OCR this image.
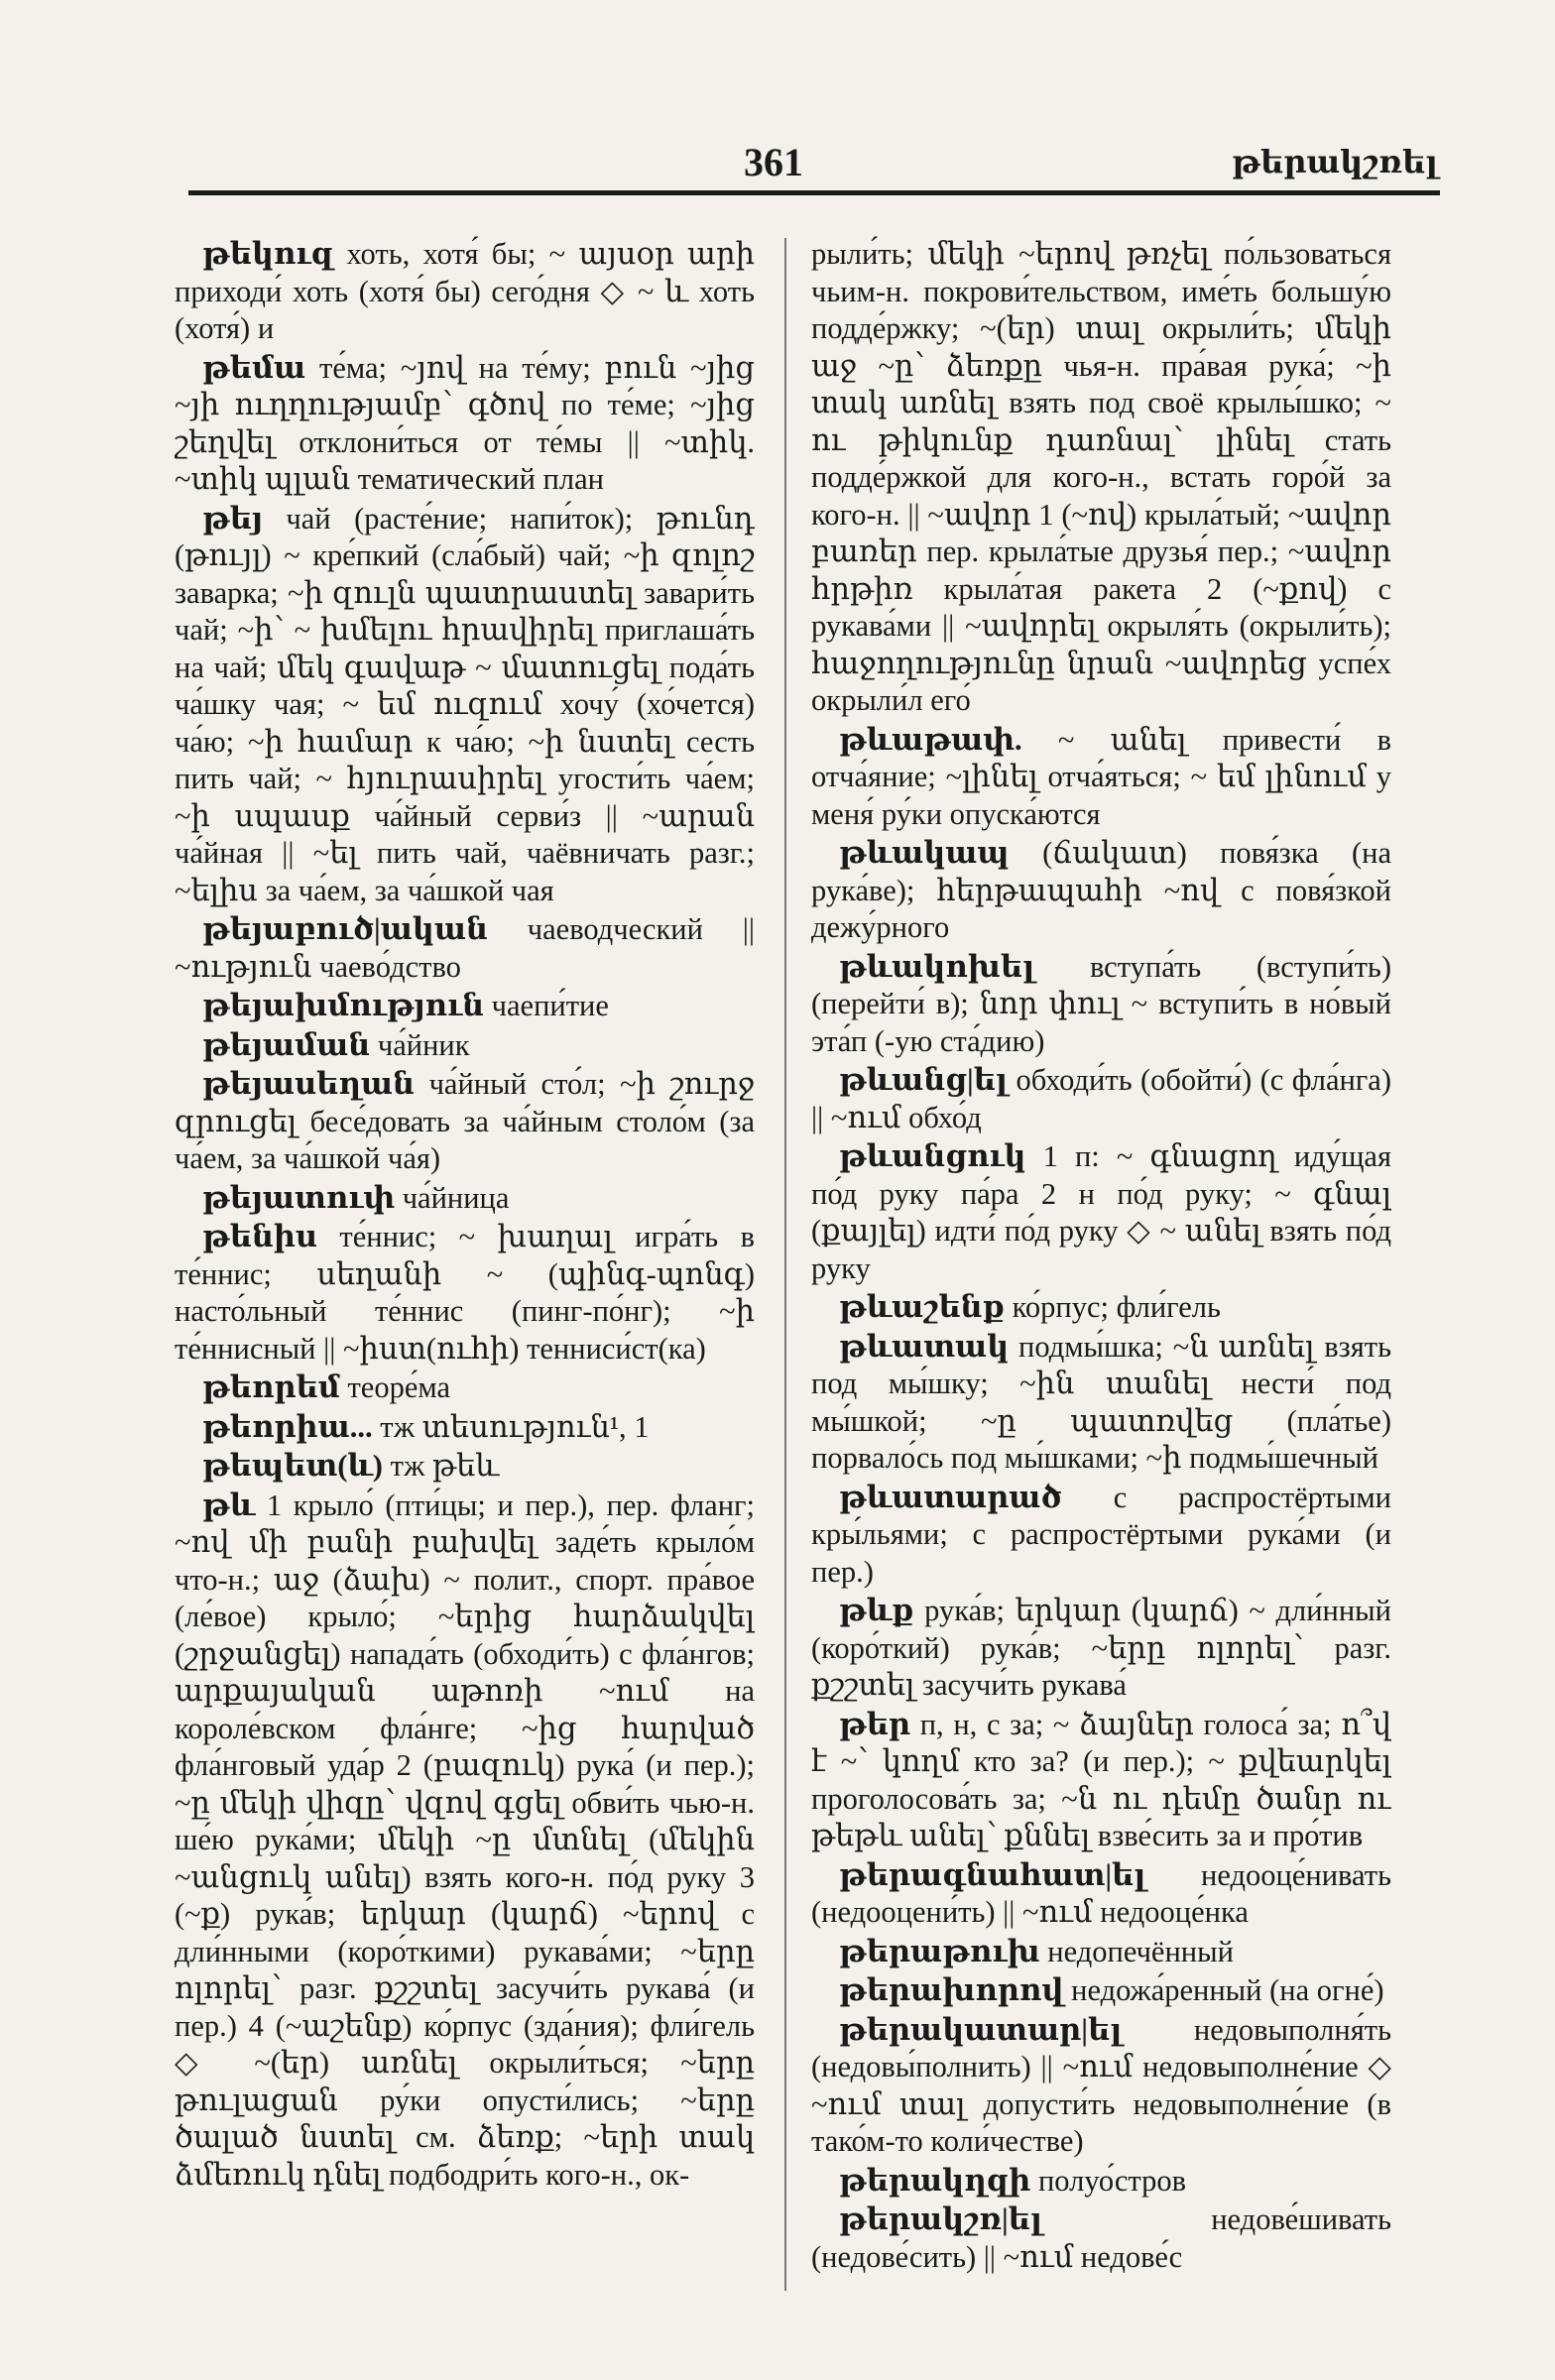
361	թերակշռել

թեկուզ хоть, хотя́ бы; ~ այսօր արի приходи́ хоть (хотя́ бы) сего́дня ◇ ~ և хоть (хотя́) и

թեմա те́ма; ~յով на те́му; բուն ~յից ~յի ուղղությամբ՝ գծով по те́ме; ~յից շեղվել отклони́ться от те́мы || ~տիկ. ~տիկ պլան тематический план

թեյ чай (расте́ние; напи́ток); թունդ (թույլ) ~ кре́пкий (сла́бый) чай; ~ի զոլոշ заварка; ~ի զուլն պատրաստել завари́ть чай; ~ի՝ ~ խմելու հրավիրել приглаша́ть на чай; մեկ գավաթ ~ մատուցել пода́ть ча́шку чая; ~ եմ ուզում хочу́ (хо́чется) ча́ю; ~ի համար к ча́ю; ~ի նստել сесть пить чай; ~ հյուրասիրել угости́ть ча́ем; ~ի սպասք ча́йный серви́з || ~արան ча́йная || ~ել пить чай, чаёвничать разг.; ~ելիս за ча́ем, за ча́шкой чая

թեյաբուծ|ական чаеводческий || ~ություն чаево́дство

թեյախմություն чаепи́тие

թեյաման ча́йник

թեյասեղան ча́йный сто́л; ~ի շուրջ զրուցել бесе́довать за ча́йным столо́м (за ча́ем, за ча́шкой ча́я)

թեյատուփ ча́йница

թենիս те́ннис; ~ խաղալ игра́ть в те́ннис; սեղանի ~ (պինգ-պոնգ) насто́льный те́ннис (пинг-по́нг); ~ի те́ннисный || ~իստ(ուհի) тенниси́ст(ка)

թեորեմ теоре́ма

թեորիա... тж տեսություն¹, 1

թեպետ(և) тж թեև

թև 1 крыло́ (пти́цы; и пер.), пер. фланг; ~ով մի բանի բախվել заде́ть крыло́м что-н.; աջ (ձախ) ~ полит., спорт. пра́вое (ле́вое) крыло́; ~երից հարձակվել (շրջանցել) напада́ть (обходи́ть) с фла́нгов; արքայական աթոռի ~ում на короле́вском фла́нге; ~ից հարված фла́нговый уда́р 2 (բազուկ) рука́ (и пер.); ~ը մեկի վիզը՝ վզով գցել обви́ть чью-н. ше́ю рука́ми; մեկի ~ը մտնել (մեկին ~անցուկ անել) взять кого-н. по́д руку 3 (~ք) рука́в; երկար (կարճ) ~երով с дли́нными (коро́ткими) рукава́ми; ~երը ոլորել՝ разг. քշշտել засучи́ть рукава́ (и пер.) 4 (~աշենք) ко́рпус (зда́ния); фли́гель ◇ ~(եր) առնել окрыли́ться; ~երը թուլացան ру́ки опусти́лись; ~երը ծալած նստել см. ձեռք; ~երի տակ ձմեռուկ դնել подбодри́ть кого-н., ок-

рыли́ть; մեկի ~երով թռչել по́льзоваться чьим-н. покрови́тельством, име́ть большу́ю подде́ржку; ~(եր) տալ окрыли́ть; մեկի աջ ~ը՝ ձեռքը чья-н. пра́вая рука́; ~ի տակ առնել взять под своё крылы́шко; ~ ու թիկունք դառնալ՝ լինել стать подде́ржкой для кого-н., встать горо́й за кого-н. || ~ավոր 1 (~ով) крыла́тый; ~ավոր բառեր пер. крыла́тые друзья́ пер.; ~ավոր հրթիռ крыла́тая ракета 2 (~քով) с рукава́ми || ~ավորել окрыля́ть (окрыли́ть); հաջողությունը նրան ~ավորեց успе́х окрыли́л его́

թևաթափ. ~ անել привести́ в отча́яние; ~լինել отча́яться; ~ եմ լինում у меня́ ру́ки опуска́ются

թևակապ (ճակատ) повя́зка (на рука́ве); հերթապահի ~ով с повя́зкой дежу́рного

թևակոխել вступа́ть (вступи́ть) (перейти́ в); նոր փուլ ~ вступи́ть в но́вый эта́п (-ую ста́дию)

թևանց|ել обходи́ть (обойти́) (с фла́нга) || ~ում обхо́д

թևանցուկ 1 п: ~ գնացող иду́щая по́д руку па́ра 2 н по́д руку; ~ գնալ (քայլել) идти́ по́д руку ◇ ~ անել взять по́д руку

թևաշենք ко́рпус; фли́гель

թևատակ подмы́шка; ~ն առնել взять под мы́шку; ~ին տանել нести́ под мы́шкой; ~ը պատռվեց (пла́тье) порвало́сь под мы́шками; ~ի подмы́шечный

թևատարած с распростёртыми кры́льями; с распростёртыми рука́ми (и пер.)

թևք рука́в; երկար (կարճ) ~ дли́нный (коро́ткий) рука́в; ~երը ոլորել՝ разг. քշշտել засучи́ть рукава́

թեր п, н, с за; ~ ձայներ голоса́ за; ո՞վ է ~՝ կողմ кто за? (и пер.); ~ քվեարկել проголосова́ть за; ~ն ու դեմը ծանր ու թեթև անել՝ քննել взве́сить за и про́тив

թերագնահատ|ել недооце́нивать (недооцени́ть) || ~ում недооце́нка

թերաթուխ недопечённый

թերախորով недожа́ренный (на огне́)

թերակատար|ել недовыполня́ть (недовы́полнить) || ~ում недовыполне́ние ◇ ~ում տալ допусти́ть недовыполне́ние (в тако́м-то коли́честве)

թերակղզի полуо́стров

թերակշռ|ել	недове́шивать (недове́сить) || ~ում недове́с
